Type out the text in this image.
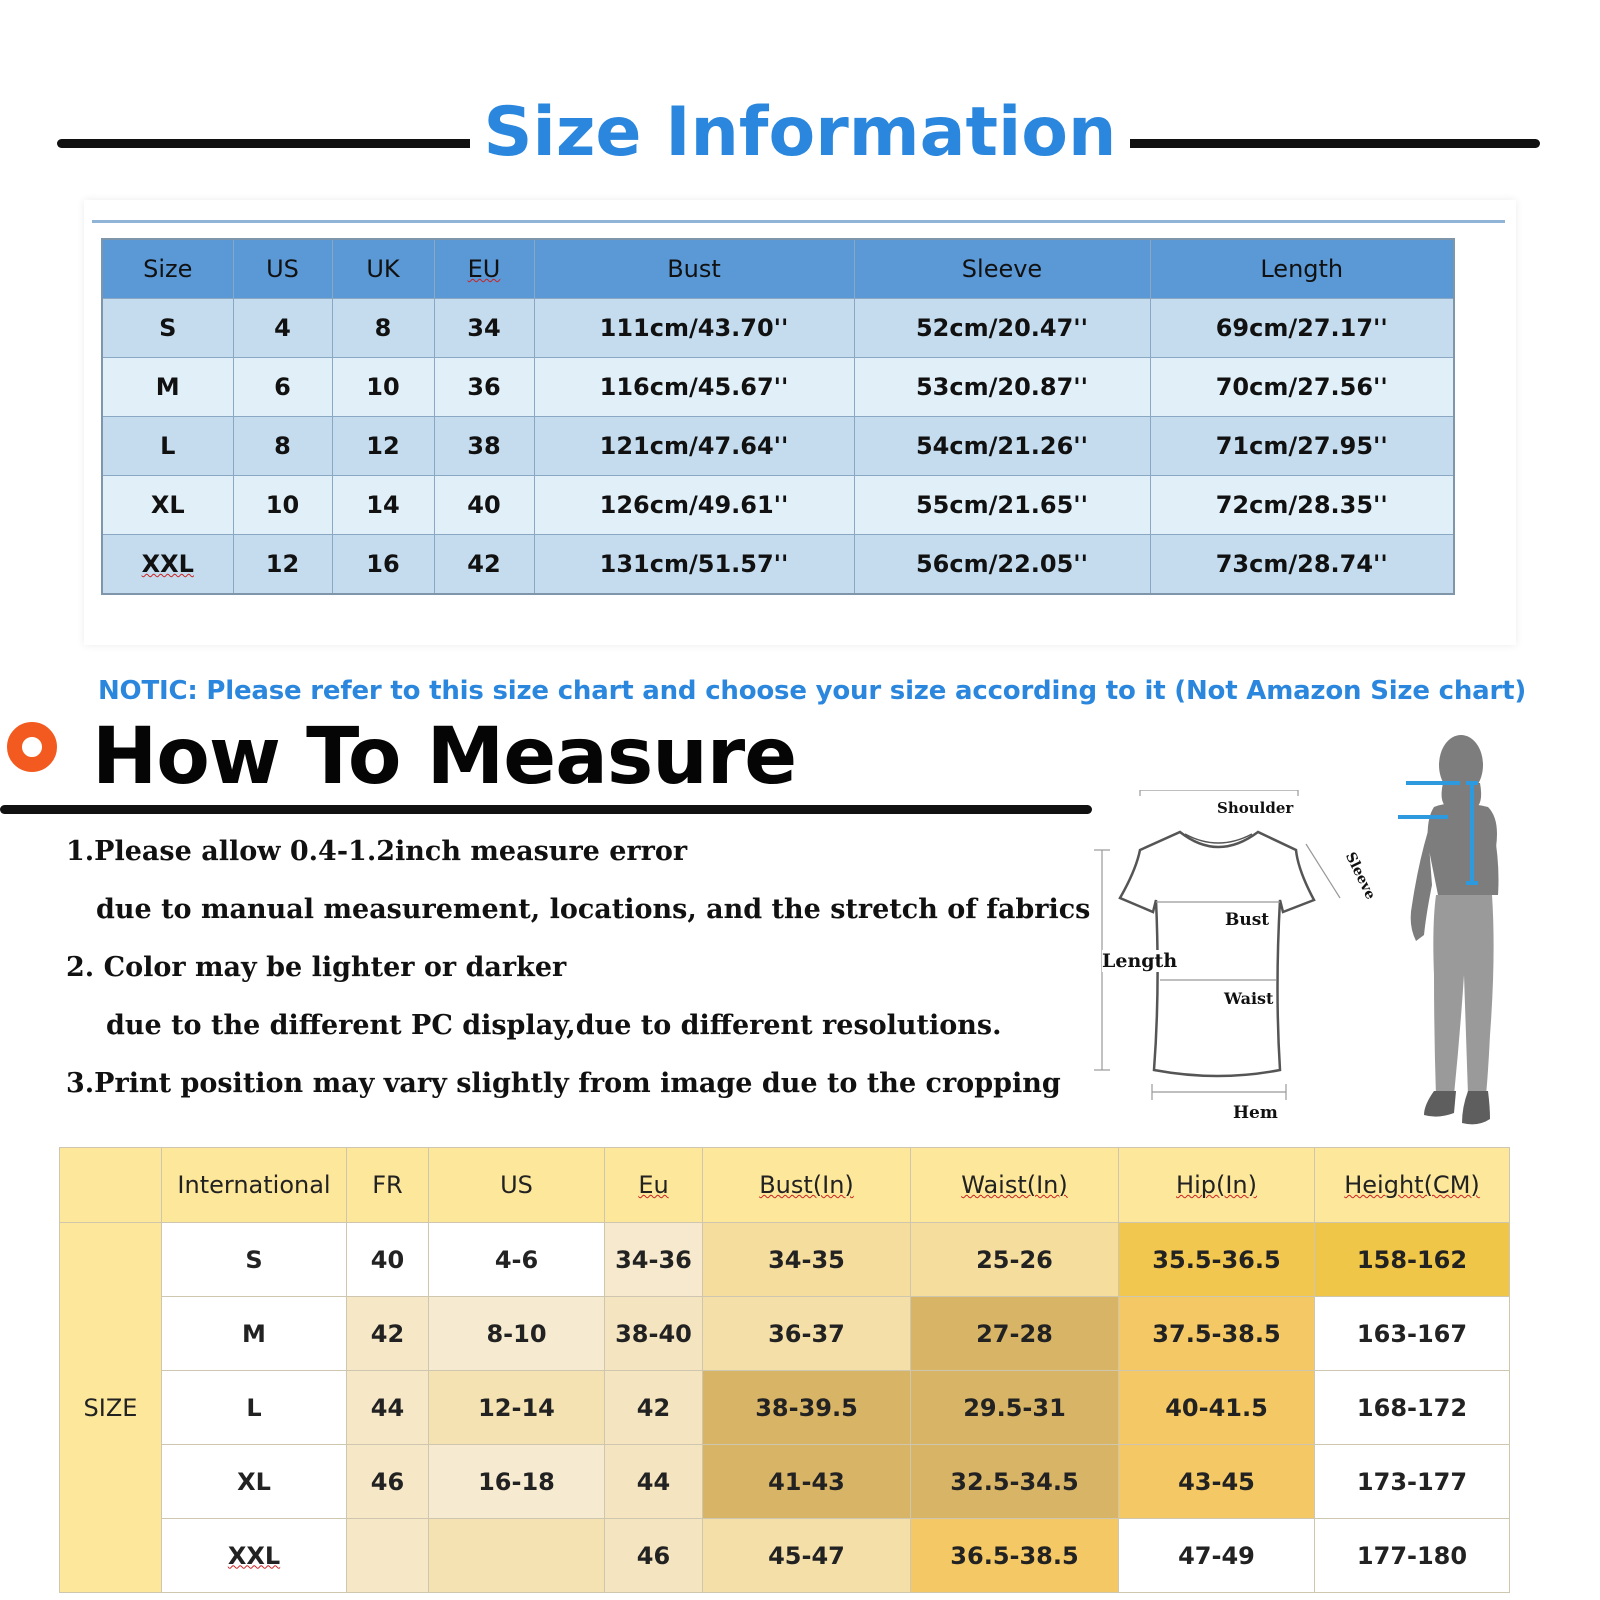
Size Information
Size	US	UK	EU	Bust	Sleeve	Length
S	4	8	34	111cm/43.70''	52cm/20.47''	69cm/27.17''
M	6	10	36	116cm/45.67''	53cm/20.87''	70cm/27.56''
L	8	12	38	121cm/47.64''	54cm/21.26''	71cm/27.95''
XL	10	14	40	126cm/49.61''	55cm/21.65''	72cm/28.35''
XXL	12	16	42	131cm/51.57''	56cm/22.05''	73cm/28.74''
NOTIC: Please refer to this size chart and choose your size according to it (Not Amazon Size chart)
How To Measure
1.Please allow 0.4-1.2inch measure error
due to manual measurement, locations, and the stretch of fabrics
2. Color may be lighter or darker
due to the different PC display,due to different resolutions.
3.Print position may vary slightly from image due to the cropping
Shoulder
Sleeve
Bust
Length
Waist
Hem
	International	FR	US	Eu	Bust(In)	Waist(In)	Hip(In)	Height(CM)
SIZE	S	40	4-6	34-36	34-35	25-26	35.5-36.5	158-162
	M	42	8-10	38-40	36-37	27-28	37.5-38.5	163-167
	L	44	12-14	42	38-39.5	29.5-31	40-41.5	168-172
	XL	46	16-18	44	41-43	32.5-34.5	43-45	173-177
	XXL			46	45-47	36.5-38.5	47-49	177-180
